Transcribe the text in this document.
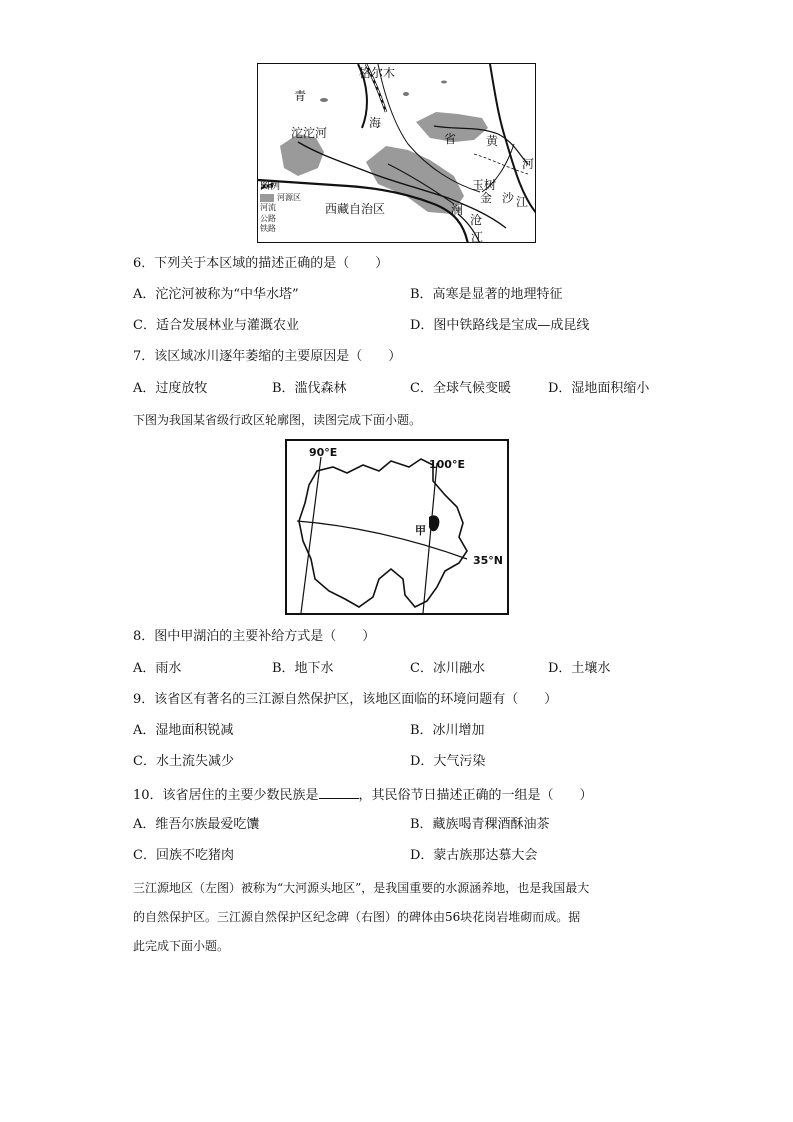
格尔木
青
海
省 黄
河
沱沱河
玉树
金 沙 江
澜
沧
江
西藏自治区
图例
河源区
河流
公路
铁路
6．下列关于本区域的描述正确的是（　　）
A．沱沱河被称为“中华水塔”	B．高寒是显著的地理特征
C．适合发展林业与灌溉农业	D．图中铁路线是宝成—成昆线
7．该区域冰川逐年萎缩的主要原因是（　　）
A．过度放牧	B．滥伐森林	C．全球气候变暖	D．湿地面积缩小
下图为我国某省级行政区轮廓图，读图完成下面小题。
90°E
100°E
甲
35°N
8．图中甲湖泊的主要补给方式是（　　）
A．雨水	B．地下水	C．冰川融水	D．土壤水
9．该省区有著名的三江源自然保护区，该地区面临的环境问题有（　　）
A．湿地面积锐减	B．冰川增加
C．水土流失减少	D．大气污染
10．该省居住的主要少数民族是	，其民俗节日描述正确的一组是（　　）
A．维吾尔族最爱吃馕	B．藏族喝青稞酒酥油茶
C．回族不吃猪肉	D．蒙古族那达慕大会
三江源地区（左图）被称为“大河源头地区”，是我国重要的水源涵养地，也是我国最大
的自然保护区。三江源自然保护区纪念碑（右图）的碑体由56块花岗岩堆砌而成。据
此完成下面小题。
